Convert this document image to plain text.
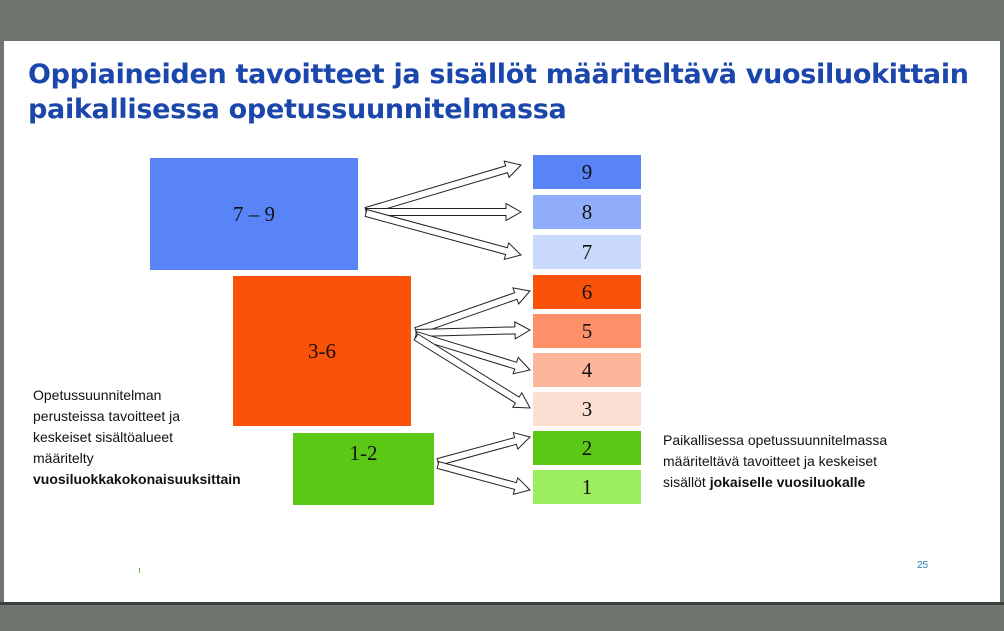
Oppiaineiden tavoitteet ja sisällöt määriteltävä vuosiluokittain
paikallisessa opetussuunnitelmassa
7 – 9
3-6
1-2
9
8
7
6
5
4
3
2
1
Opetussuunnitelman
perusteissa tavoitteet ja
keskeiset sisältöalueet
määritelty
vuosiluokkakokonaisuuksittain
Paikallisessa opetussuunnitelmassa
määriteltävä tavoitteet ja keskeiset
sisällöt jokaiselle vuosiluokalle
25
